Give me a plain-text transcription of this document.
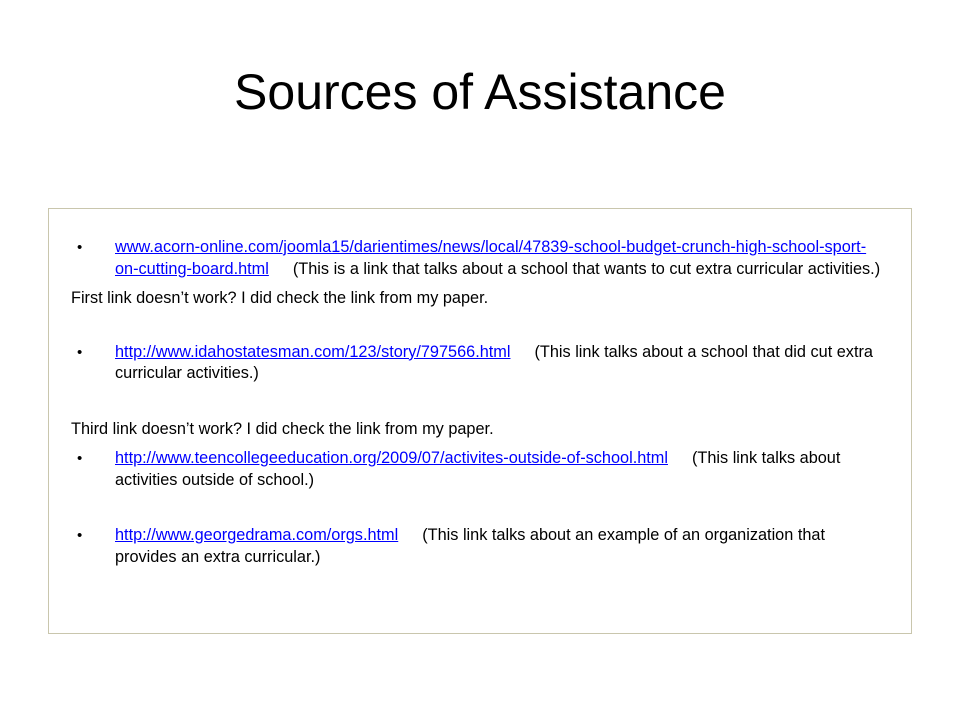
Sources of Assistance

• www.acorn-online.com/joomla15/darientimes/news/local/47839-school-budget-crunch-high-school-sport-on-cutting-board.html (This is a link that talks about a school that wants to cut extra curricular activities.)

First link doesn’t work? I did check the link from my paper.

• http://www.idahostatesman.com/123/story/797566.html (This link talks about a school that did cut extra curricular activities.)

Third link doesn’t work? I did check the link from my paper.

• http://www.teencollegeeducation.org/2009/07/activites-outside-of-school.html (This link talks about activities outside of school.)

• http://www.georgedrama.com/orgs.html (This link talks about an example of an organization that provides an extra curricular.)
